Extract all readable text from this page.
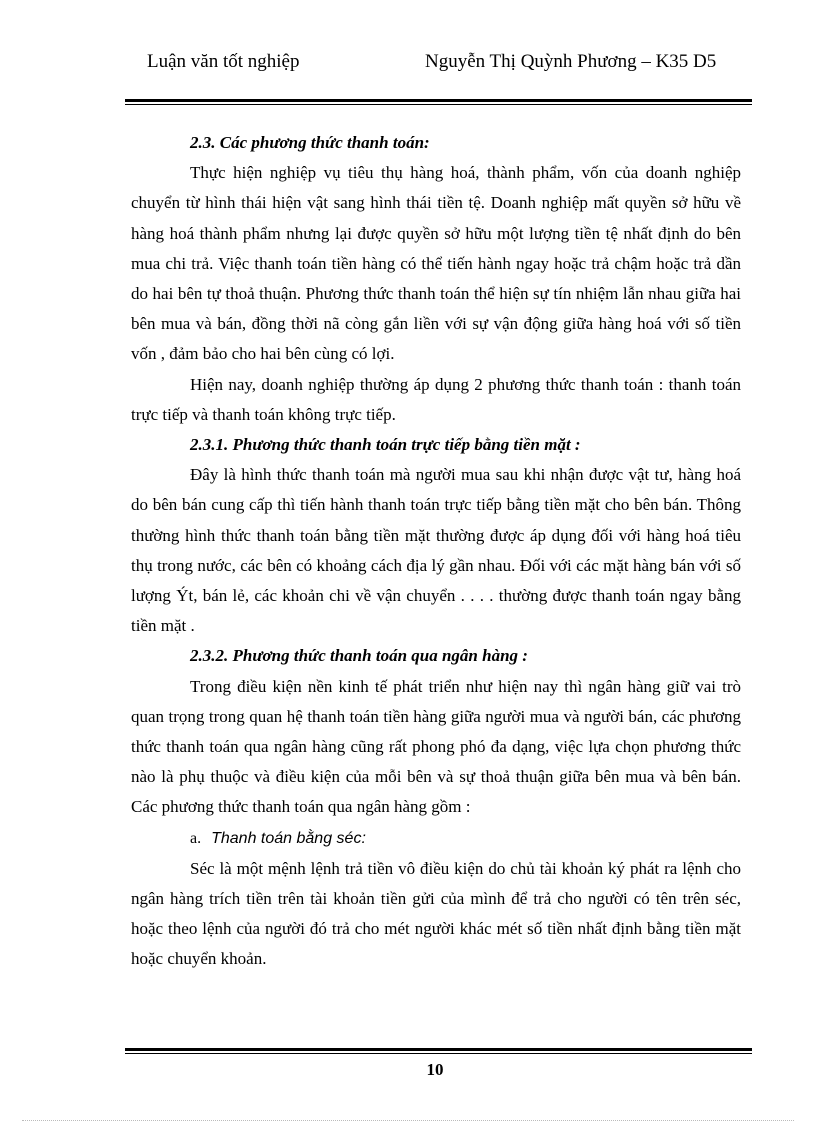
Luận văn tốt nghiệp	Nguyễn Thị Quỳnh Phương – K35 D5

2.3. Các phương thức thanh toán:

Thực hiện nghiệp vụ tiêu thụ hàng hoá, thành phẩm, vốn của doanh nghiệp chuyển từ hình thái hiện vật sang hình thái tiền tệ. Doanh nghiệp mất quyền sở hữu về hàng hoá thành phẩm nhưng lại được quyền sở hữu một lượng tiền tệ nhất định do bên mua chi trả. Việc thanh toán tiền hàng có thể tiến hành ngay hoặc trả chậm hoặc trả dần do hai bên tự thoả thuận. Phương thức thanh toán thể hiện sự tín nhiệm lẫn nhau giữa hai bên mua và bán, đồng thời nã còng gắn liền với sự vận động giữa hàng hoá với số tiền vốn , đảm bảo cho hai bên cùng có lợi.

Hiện nay, doanh nghiệp thường áp dụng 2 phương thức thanh toán : thanh toán trực tiếp và thanh toán không trực tiếp.

2.3.1. Phương thức thanh toán trực tiếp bằng tiền mặt :

Đây là hình thức thanh toán mà người mua sau khi nhận được vật tư, hàng hoá do bên bán cung cấp thì tiến hành thanh toán trực tiếp bằng tiền mặt cho bên bán. Thông thường hình thức thanh toán bằng tiền mặt thường được áp dụng đối với hàng hoá tiêu thụ trong nước, các bên có khoảng cách địa lý gần nhau. Đối với các mặt hàng bán với số lượng Ýt, bán lẻ, các khoản chi về vận chuyển . . . . thường được thanh toán ngay bằng tiền mặt .

2.3.2. Phương thức thanh toán qua ngân hàng :

Trong điều kiện nền kinh tế phát triển như hiện nay thì ngân hàng giữ vai trò quan trọng trong quan hệ thanh toán tiền hàng giữa người mua và người bán, các phương thức thanh toán qua ngân hàng cũng rất phong phó đa dạng, việc lựa chọn phương thức nào là phụ thuộc và điều kiện của mỗi bên và sự thoả thuận giữa bên mua và bên bán. Các phương thức thanh toán qua ngân hàng gồm :

a. Thanh toán bằng séc:

Séc là một mệnh lệnh trả tiền vô điều kiện do chủ tài khoản ký phát ra lệnh cho ngân hàng trích tiền trên tài khoản tiền gửi của mình để trả cho người có tên trên séc, hoặc theo lệnh của người đó trả cho mét người khác mét số tiền nhất định bằng tiền mặt hoặc chuyển khoản.

10
